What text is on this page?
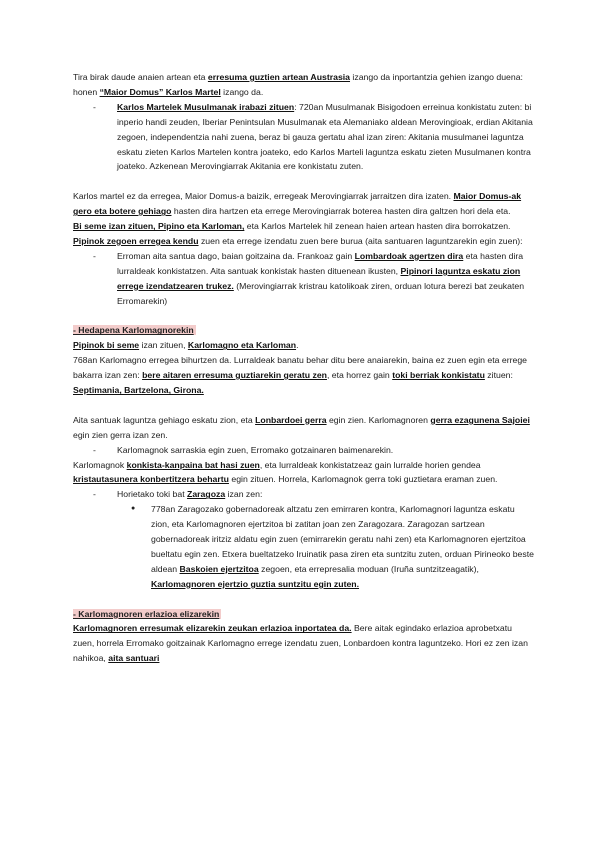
Tira birak daude anaien artean eta erresuma guztien artean Austrasia izango da inportantzia gehien izango duena: honen “Maior Domus” Karlos Martel izango da.

- Karlos Martelek Musulmanak irabazi zituen: 720an Musulmanak Bisigodoen erreinua konkistatu zuten: bi inperio handi zeuden, Iberiar Penintsulan Musulmanak eta Alemaniako aldean Merovingioak, erdian Akitania zegoen, independentzia nahi zuena, beraz bi gauza gertatu ahal izan ziren: Akitania musulmanei laguntza eskatu zieten Karlos Martelen kontra joateko, edo Karlos Marteli laguntza eskatu zieten Musulmanen kontra joateko. Azkenean Merovingiarrak Akitania ere konkistatu zuten.

Karlos martel ez da erregea, Maior Domus-a baizik, erregeak Merovingiarrak jarraitzen dira izaten. Maior Domus-ak gero eta botere gehiago hasten dira hartzen eta errege Merovingiarrak boterea hasten dira galtzen hori dela eta.

Bi seme izan zituen, Pipino eta Karloman, eta Karlos Martelek hil zenean haien artean hasten dira borrokatzen. Pipinok zegoen erregea kendu zuen eta errege izendatu zuen bere burua (aita santuaren laguntzarekin egin zuen):

- Erroman aita santua dago, baian goitzaina da. Frankoaz gain Lombardoak agertzen dira eta hasten dira lurraldeak konkistatzen. Aita santuak konkistak hasten dituenean ikusten, Pipinori laguntza eskatu zion errege izendatzearen trukez. (Merovingiarrak kristrau katolikoak ziren, orduan lotura berezi bat zeukaten Erromarekin)

- Hedapena Karlomagnorekin

Pipinok bi seme izan zituen, Karlomagno eta Karloman.

768an Karlomagno erregea bihurtzen da. Lurraldeak banatu behar ditu bere anaiarekin, baina ez zuen egin eta errege bakarra izan zen: bere aitaren erresuma guztiarekin geratu zen, eta horrez gain toki berriak konkistatu zituen: Septimania, Bartzelona, Girona.

Aita santuak laguntza gehiago eskatu zion, eta Lonbardoei gerra egin zien. Karlomagnoren gerra ezagunena Sajoiei egin zien gerra izan zen.

- Karlomagnok sarraskia egin zuen, Erromako gotzainaren baimenarekin.

Karlomagnok konkista-kanpaina bat hasi zuen, eta lurraldeak konkistatzeaz gain lurralde horien gendea kristautasunera konbertitzera behartu egin zituen. Horrela, Karlomagnok gerra toki guztietara eraman zuen.

- Horietako toki bat Zaragoza izan zen:

● 778an Zaragozako gobernadoreak altzatu zen emirraren kontra, Karlomagnori laguntza eskatu zion, eta Karlomagnoren ejertzitoa bi zatitan joan zen Zaragozara. Zaragozan sartzean gobernadoreak iritziz aldatu egin zuen (emirrarekin geratu nahi zen) eta Karlomagnoren ejertzitoa bueltatu egin zen. Etxera bueltatzeko Iruinatik pasa ziren eta suntzitu zuten, orduan Pirineoko beste aldean Baskoien ejertzitoa zegoen, eta errepresalia moduan (Iruña suntzitzeagatik), Karlomagnoren ejertzio guztia suntzitu egin zuten.

- Karlomagnoren erlazioa elizarekin

Karlomagnoren erresumak elizarekin zeukan erlazioa inportatea da. Bere aitak egindako erlazioa aprobetxatu zuen, horrela Erromako goitzainak Karlomagno errege izendatu zuen, Lonbardoen kontra laguntzeko. Hori ez zen izan nahikoa, aita santuari
